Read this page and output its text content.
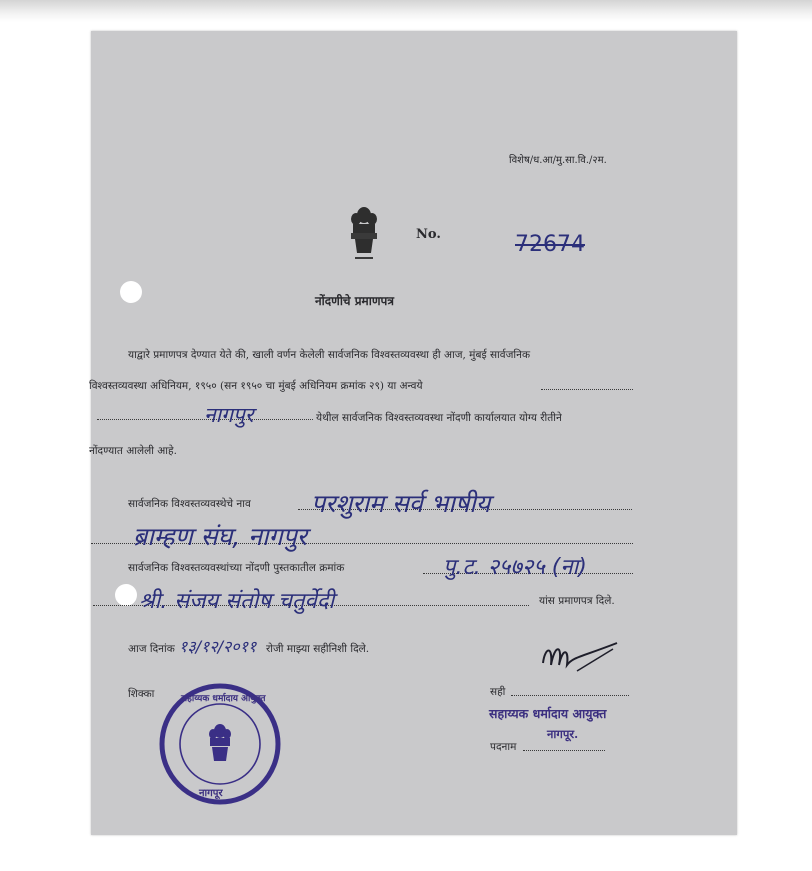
विशेष/ध.आ/मु.सा.वि./२म.
No.	72674
नोंदणीचे प्रमाणपत्र
याद्वारे प्रमाणपत्र देण्यात येते की, खाली वर्णन केलेली सार्वजनिक विश्वस्तव्यवस्था ही आज, मुंबई सार्वजनिक
विश्वस्तव्यवस्था अधिनियम, १९५० (सन १९५० चा मुंबई अधिनियम क्रमांक २९) या अन्वये
नागपुर	येथील सार्वजनिक विश्वस्तव्यवस्था नोंदणी कार्यालयात योग्य रीतीने
नोंदण्यात आलेली आहे.
सार्वजनिक विश्वस्तव्यवस्थेचे नाव परशुराम सर्व भाषीय
ब्राम्हण संघ, नागपुर
सार्वजनिक विश्वस्तव्यवस्थांच्या नोंदणी पुस्तकातील क्रमांक	पु.ट. २५७२५ (ना)
श्री. संजय संतोष चतुर्वेदी	यांस प्रमाणपत्र दिले.
आज दिनांक १३/१२/२०११ रोजी माझ्या सहीनिशी दिले.
सही
सहाय्यक धर्मादाय आयुक्त
नागपूर.
पदनाम
शिक्का	सहाय्यक धर्मादाय आयुक्त
नागपूर
